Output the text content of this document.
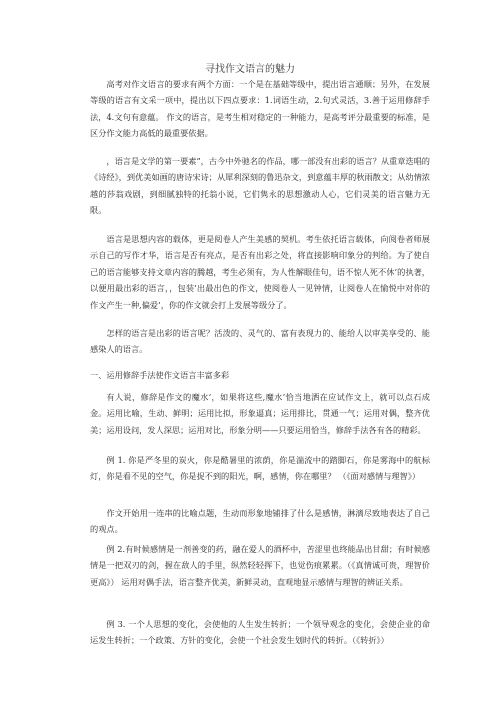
寻找作文语言的魅力

高考对作文语言的要求有两个方面：一个是在基础等级中，提出语言通顺；另外，在发展等级的语言有文采一项中，提出以下四点要求：1.词语生动，2.句式灵活，3.善于运用修辞手法，4.文句有意蕴。 作文的语言，是考生相对稳定的一种能力，是高考评分最重要的标准，是区分作文能力高低的最重要依据。

，语言是文学的第一要素”，古今中外驰名的作品，哪一部没有出彩的语言？从重章迭唱的《诗经》，到优美如画的唐诗宋诗；从犀利深刻的鲁迅杂文，到意蕴丰厚的秋雨散文；从幼情浓越的莎翁戏剧，到细腻独特的托翁小说，它们隽永的思想激动人心，它们灵美的语言魅力无限。

语言是思想内容的载体，更是阅卷人产生美感的契机。考生依托语言载体，向阅卷者师展示自己的写作才华，语言是否有亮点，是否有出彩之处，将直接影响印象分的判给。为了使自己的语言能够支持文章内容的腾越，考生必须有，为人性解眼佳句，语不惊人死不休’的执著，以便用最出彩的语言，，包装’出最出色的作文，使阅卷人一见钟情，让阅卷人在愉悦中对你的作文产生一种,偏爱’，你的作文就会打上发展等级分了。

怎样的语言是出彩的语言呢？活泼的、灵气的、富有表现力的、能给人以审美享受的、能感染人的语言。

一、运用修辞手法使作文语言丰富多彩

有人说，修辞是作文的魔水’，如果将这些,魔水’恰当地洒在应试作文上，就可以点石成金。运用比喻，生动、鲜明；运用比拟，形象逼真；运用排比，贯通一气；运用对偶，整齐优美；运用设问，发人深思；运用对比，形象分明——只要运用恰当，修辞手法各有各的精彩。

例 1. 你是严冬里的炭火，你是酷暑里的浓荫，你是湍流中的踏脚石，你是雾海中的航标灯，你是看不见的空气，你是捉不到的阳光，啊，感情，你在哪里？ （《面对感情与理智》）

作文开始用一连串的比喻点题，生动而形象地铺排了什么是感情，淋漓尽致地表达了自己的观点。

例 2.有时候感情是一剂善变的药，融在爱人的酒杯中，苦涩里也终能品出甘甜；有时候感情是一把双刃的剑，握在敌人的手里，纵然轻轻挥下，也觉伤痕累累。（《真情诚可贵，理智价更高》） 运用对偶手法，语言整齐优美，新鲜灵动，直观地显示感情与理智的辨证关系。

例 3. 一个人思想的变化，会使他的人生发生转折；一个领导观念的变化，会使企业的命运发生转折；一个政策、方针的变化，会使一个社会发生划时代的转折。（《转折》）
